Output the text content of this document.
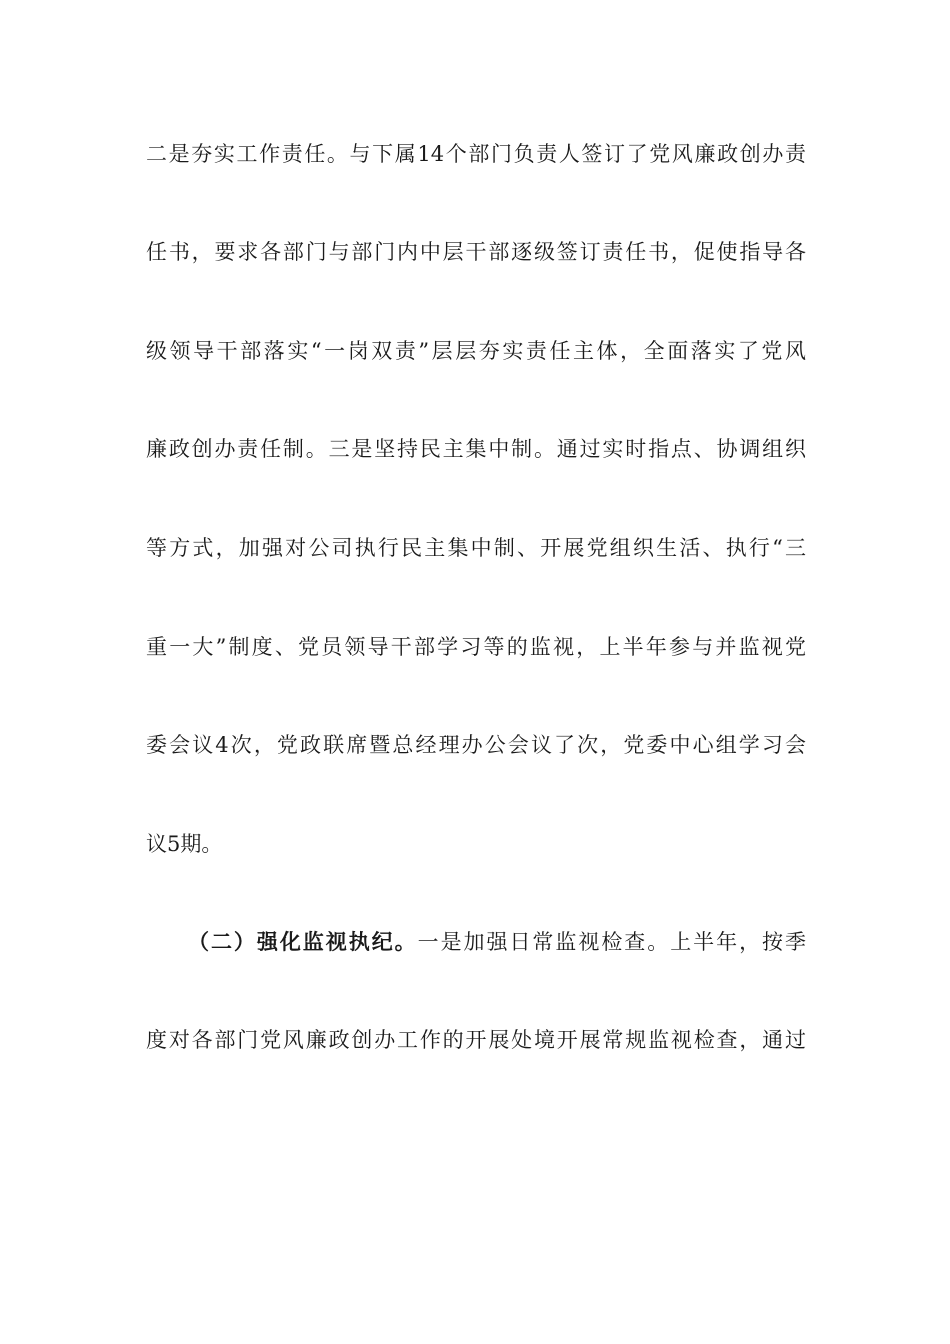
二是夯实工作责任。与下属14个部门负责人签订了党风廉政创办责
任书，要求各部门与部门内中层干部逐级签订责任书，促使指导各
级领导干部落实“一岗双责”层层夯实责任主体，全面落实了党风
廉政创办责任制。三是坚持民主集中制。通过实时指点、协调组织
等方式，加强对公司执行民主集中制、开展党组织生活、执行“三
重一大”制度、党员领导干部学习等的监视，上半年参与并监视党
委会议4次，党政联席暨总经理办公会议了次，党委中心组学习会
议5期。
（二）强化监视执纪。一是加强日常监视检查。上半年，按季
度对各部门党风廉政创办工作的开展处境开展常规监视检查，通过
